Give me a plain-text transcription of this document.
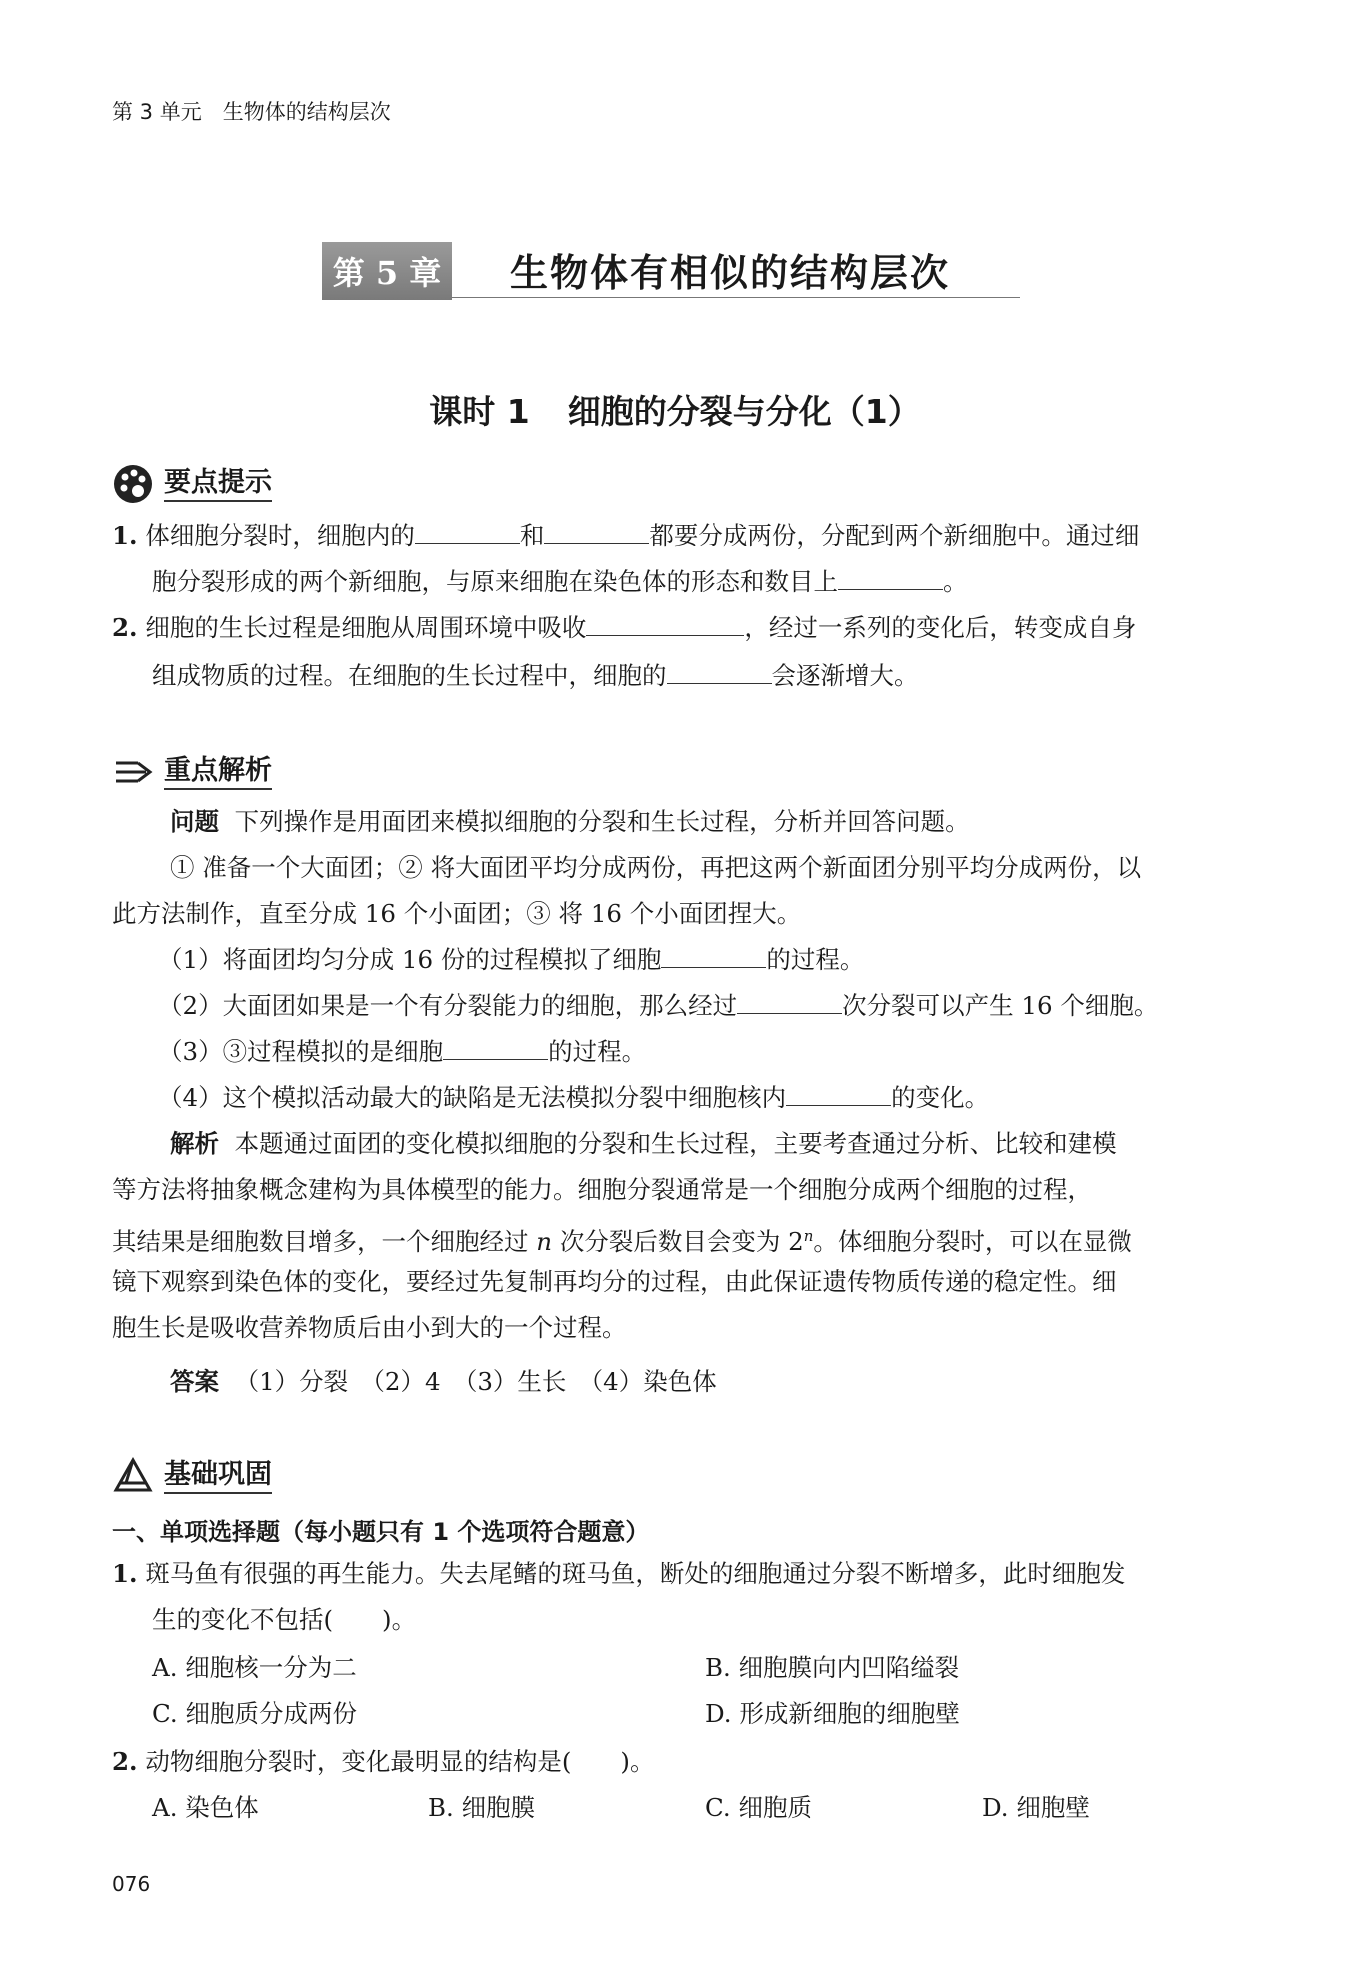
第 3 单元　生物体的结构层次
第 5 章 生物体有相似的结构层次
课时 1 细胞的分裂与分化（1）
要点提示
1. 体细胞分裂时，细胞内的	和	都要分成两份，分配到两个新细胞中。通过细
胞分裂形成的两个新细胞，与原来细胞在染色体的形态和数目上	。
2. 细胞的生长过程是细胞从周围环境中吸收	，经过一系列的变化后，转变成自身
组成物质的过程。在细胞的生长过程中，细胞的	会逐渐增大。
重点解析
问题 下列操作是用面团来模拟细胞的分裂和生长过程，分析并回答问题。
① 准备一个大面团；② 将大面团平均分成两份，再把这两个新面团分别平均分成两份，以
此方法制作，直至分成 16 个小面团；③ 将 16 个小面团捏大。
（1）将面团均匀分成 16 份的过程模拟了细胞	的过程。
（2）大面团如果是一个有分裂能力的细胞，那么经过	次分裂可以产生 16 个细胞。
（3）③过程模拟的是细胞	的过程。
（4）这个模拟活动最大的缺陷是无法模拟分裂中细胞核内	的变化。
解析 本题通过面团的变化模拟细胞的分裂和生长过程，主要考查通过分析、比较和建模
等方法将抽象概念建构为具体模型的能力。细胞分裂通常是一个细胞分成两个细胞的过程，
其结果是细胞数目增多，一个细胞经过 n 次分裂后数目会变为 2$^n$。体细胞分裂时，可以在显微
镜下观察到染色体的变化，要经过先复制再均分的过程，由此保证遗传物质传递的稳定性。细
胞生长是吸收营养物质后由小到大的一个过程。
答案 （1）分裂　（2）4　（3）生长　（4）染色体
基础巩固
一、单项选择题（每小题只有 1 个选项符合题意）
1. 斑马鱼有很强的再生能力。失去尾鳍的斑马鱼，断处的细胞通过分裂不断增多，此时细胞发
生的变化不包括(　　)。
A. 细胞核一分为二	B. 细胞膜向内凹陷缢裂
C. 细胞质分成两份	D. 形成新细胞的细胞壁
2. 动物细胞分裂时，变化最明显的结构是(　　)。
A. 染色体	B. 细胞膜	C. 细胞质	D. 细胞壁
076
